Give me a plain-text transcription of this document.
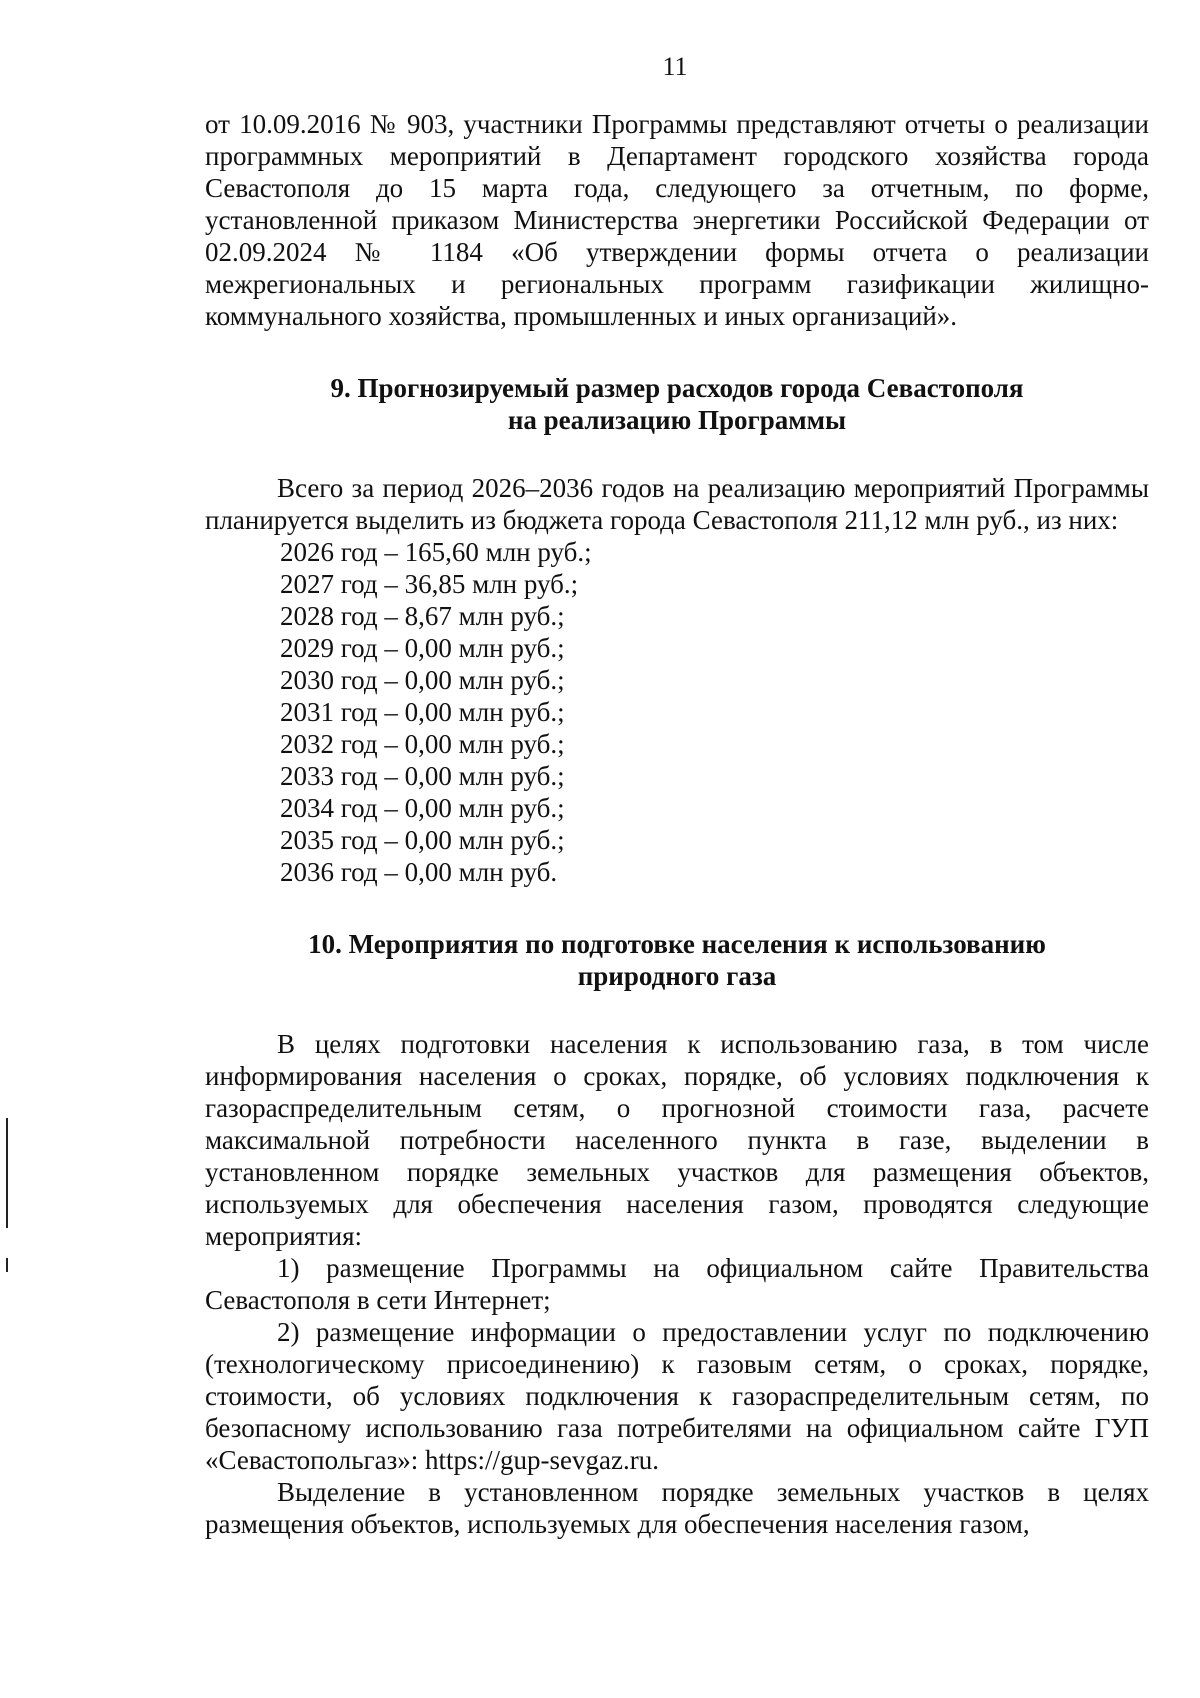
11

от 10.09.2016 № 903, участники Программы представляют отчеты о реализации программных мероприятий в Департамент городского хозяйства города Севастополя до 15 марта года, следующего за отчетным, по форме, установленной приказом Министерства энергетики Российской Федерации от 02.09.2024 № 1184 «Об утверждении формы отчета о реализации межрегиональных и региональных программ газификации жилищно-коммунального хозяйства, промышленных и иных организаций».

9. Прогнозируемый размер расходов города Севастополя

на реализацию Программы

Всего за период 2026–2036 годов на реализацию мероприятий Программы планируется выделить из бюджета города Севастополя 211,12 млн руб., из них:

2026 год – 165,60 млн руб.;
2027 год – 36,85 млн руб.;
2028 год – 8,67 млн руб.;
2029 год – 0,00 млн руб.;
2030 год – 0,00 млн руб.;
2031 год – 0,00 млн руб.;
2032 год – 0,00 млн руб.;
2033 год – 0,00 млн руб.;
2034 год – 0,00 млн руб.;
2035 год – 0,00 млн руб.;
2036 год – 0,00 млн руб.

10. Мероприятия по подготовке населения к использованию

природного газа

В целях подготовки населения к использованию газа, в том числе информирования населения о сроках, порядке, об условиях подключения к газораспределительным сетям, о прогнозной стоимости газа, расчете максимальной потребности населенного пункта в газе, выделении в установленном порядке земельных участков для размещения объектов, используемых для обеспечения населения газом, проводятся следующие мероприятия:

1) размещение Программы на официальном сайте Правительства Севастополя в сети Интернет;

2) размещение информации о предоставлении услуг по подключению (технологическому присоединению) к газовым сетям, о сроках, порядке, стоимости, об условиях подключения к газораспределительным сетям, по безопасному использованию газа потребителями на официальном сайте ГУП «Севастопольгаз»: https://gup-sevgaz.ru.

Выделение в установленном порядке земельных участков в целях размещения объектов, используемых для обеспечения населения газом,
